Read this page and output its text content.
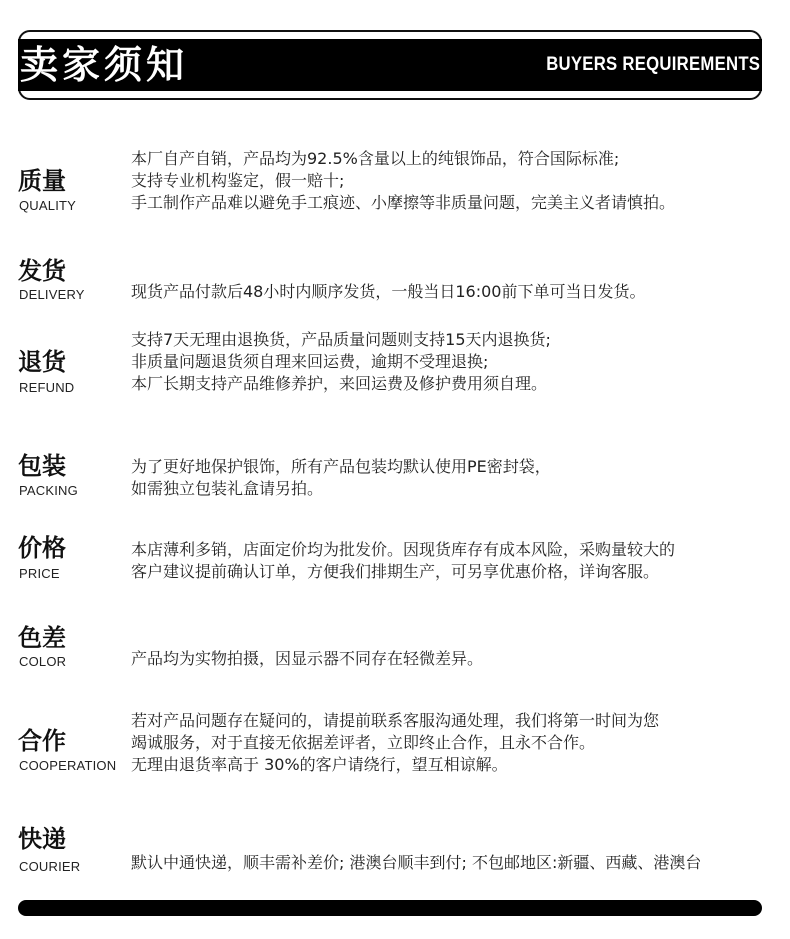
卖家须知	BUYERS REQUIREMENTS
质量
QUALITY
本厂自产自销，产品均为92.5%含量以上的纯银饰品，符合国际标准;
支持专业机构鉴定，假一赔十;
手工制作产品难以避免手工痕迹、小摩擦等非质量问题，完美主义者请慎拍。
发货
DELIVERY	现货产品付款后48小时内顺序发货，一般当日16:00前下单可当日发货。
退货
REFUND
支持7天无理由退换货，产品质量问题则支持15天内退换货;
非质量问题退货须自理来回运费，逾期不受理退换;
本厂长期支持产品维修养护，来回运费及修护费用须自理。
包装
PACKING
为了更好地保护银饰，所有产品包装均默认使用PE密封袋，
如需独立包装礼盒请另拍。
价格
PRICE
本店薄利多销，店面定价均为批发价。因现货库存有成本风险，采购量较大的
客户建议提前确认订单，方便我们排期生产，可另享优惠价格，详询客服。
色差
COLOR	产品均为实物拍摄，因显示器不同存在轻微差异。
合作
COOPERATION
若对产品问题存在疑问的，请提前联系客服沟通处理，我们将第一时间为您
竭诚服务，对于直接无依据差评者，立即终止合作，且永不合作。
无理由退货率高于 30%的客户请绕行，望互相谅解。
快递
COURIER	默认中通快递，顺丰需补差价; 港澳台顺丰到付; 不包邮地区:新疆、西藏、港澳台
